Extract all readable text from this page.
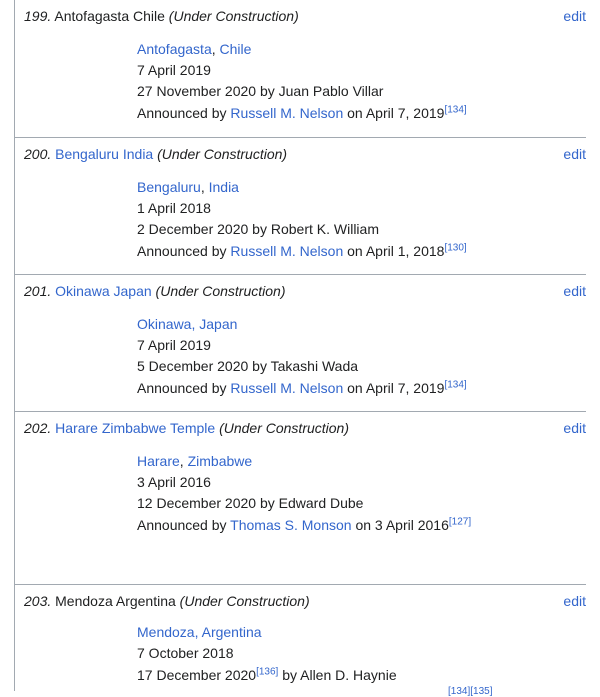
199. Antofagasta Chile (Under Construction)	edit
Antofagasta, Chile
7 April 2019
27 November 2020 by Juan Pablo Villar
Announced by Russell M. Nelson on April 7, 2019[134]
200. Bengaluru India (Under Construction)	edit
Bengaluru, India
1 April 2018
2 December 2020 by Robert K. William
Announced by Russell M. Nelson on April 1, 2018[130]
201. Okinawa Japan (Under Construction)	edit
Okinawa, Japan
7 April 2019
5 December 2020 by Takashi Wada
Announced by Russell M. Nelson on April 7, 2019[134]
202. Harare Zimbabwe Temple (Under Construction)	edit
Harare, Zimbabwe
3 April 2016
12 December 2020 by Edward Dube
Announced by Thomas S. Monson on 3 April 2016[127]
203. Mendoza Argentina (Under Construction)	edit
Mendoza, Argentina
7 October 2018
17 December 2020[136] by Allen D. Haynie
[134][135]
